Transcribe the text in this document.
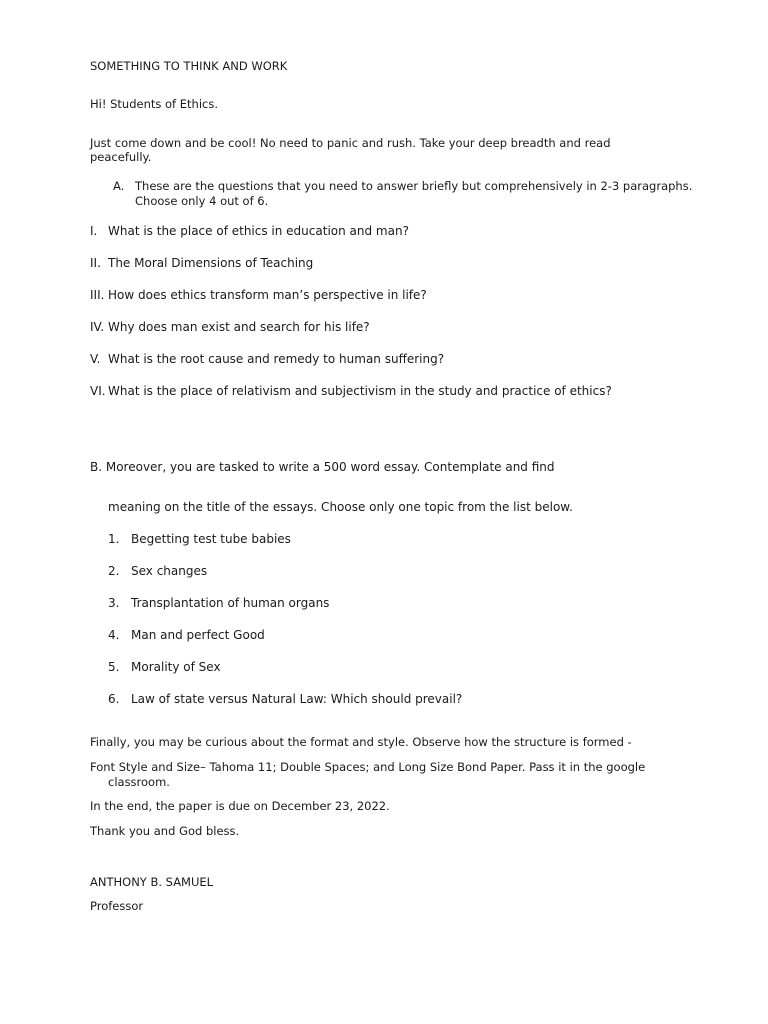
SOMETHING TO THINK AND WORK
Hi! Students of Ethics.
Just come down and be cool! No need to panic and rush. Take your deep breadth and read
peacefully.
A. These are the questions that you need to answer briefly but comprehensively in 2-3 paragraphs.
Choose only 4 out of 6.
I. What is the place of ethics in education and man?
II. The Moral Dimensions of Teaching
III. How does ethics transform man’s perspective in life?
IV. Why does man exist and search for his life?
V. What is the root cause and remedy to human suffering?
VI. What is the place of relativism and subjectivism in the study and practice of ethics?
B. Moreover, you are tasked to write a 500 word essay. Contemplate and find
meaning on the title of the essays. Choose only one topic from the list below.
1. Begetting test tube babies
2. Sex changes
3. Transplantation of human organs
4. Man and perfect Good
5. Morality of Sex
6. Law of state versus Natural Law: Which should prevail?
Finally, you may be curious about the format and style. Observe how the structure is formed -
Font Style and Size– Tahoma 11; Double Spaces; and Long Size Bond Paper. Pass it in the google
classroom.
In the end, the paper is due on December 23, 2022.
Thank you and God bless.
ANTHONY B. SAMUEL
Professor
